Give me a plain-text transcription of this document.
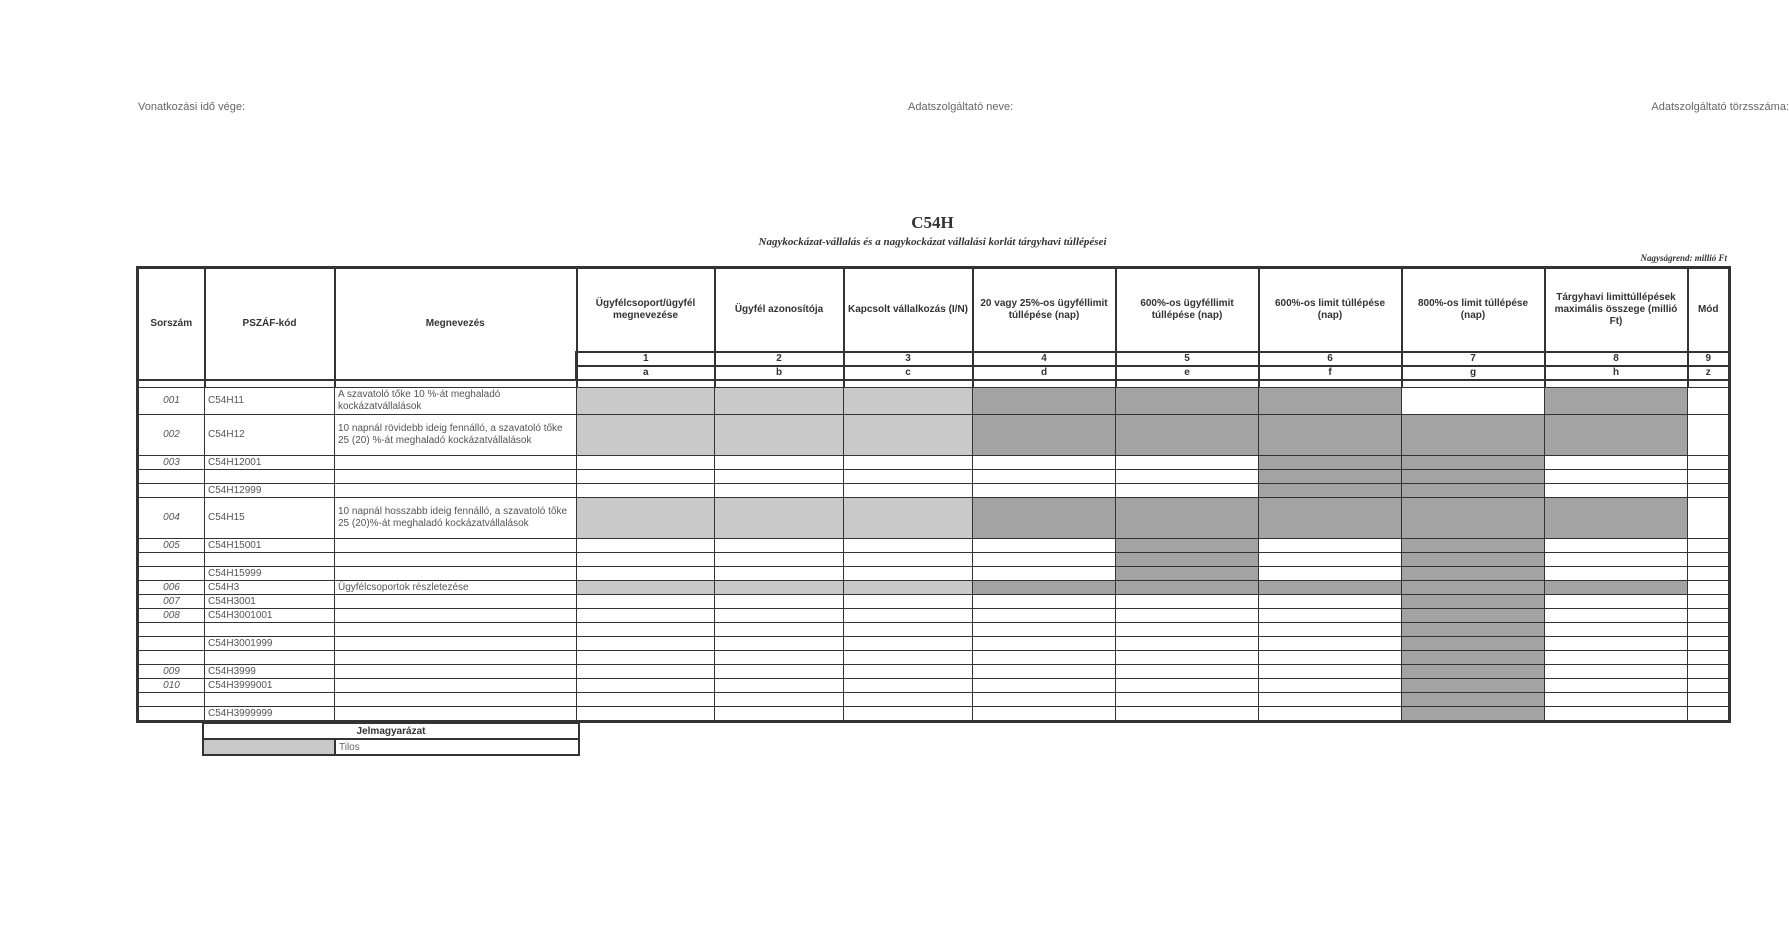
Vonatkozási idő vége:	Adatszolgáltató neve:	Adatszolgáltató törzsszáma:
C54H
Nagykockázat-vállalás és a nagykockázat vállalási korlát tárgyhavi túllépései
Nagyságrend: millió Ft
Sorszám	PSZÁF-kód	Megnevezés	Ügyfélcsoport/ügyfél megnevezése	Ügyfél azonosítója	Kapcsolt vállalkozás (I/N)	20 vagy 25%-os ügyféllimit túllépése (nap)	600%-os ügyféllimit túllépése (nap)	600%-os limit túllépése (nap)	800%-os limit túllépése (nap)	Tárgyhavi limittúllépések maximális összege (millió Ft)	Mód
			1	2	3	4	5	6	7	8	9
			a	b	c	d	e	f	g	h	z

001	C54H11	A szavatoló tőke 10 %-át meghaladó kockázatvállalások									
002	C54H12	10 napnál rövidebb ideig fennálló, a szavatoló tőke 25 (20) %-át meghaladó kockázatvállalások									
003	C54H12001										

	C54H12999										
004	C54H15	10 napnál hosszabb ideig fennálló, a szavatoló tőke 25 (20)%-át meghaladó kockázatvállalások									
005	C54H15001										

	C54H15999										
006	C54H3	Ügyfélcsoportok részletezése									
007	C54H3001										
008	C54H3001001										

	C54H3001999										

009	C54H3999										
010	C54H3999001										

	C54H3999999										
Jelmagyarázat
	Tilos
